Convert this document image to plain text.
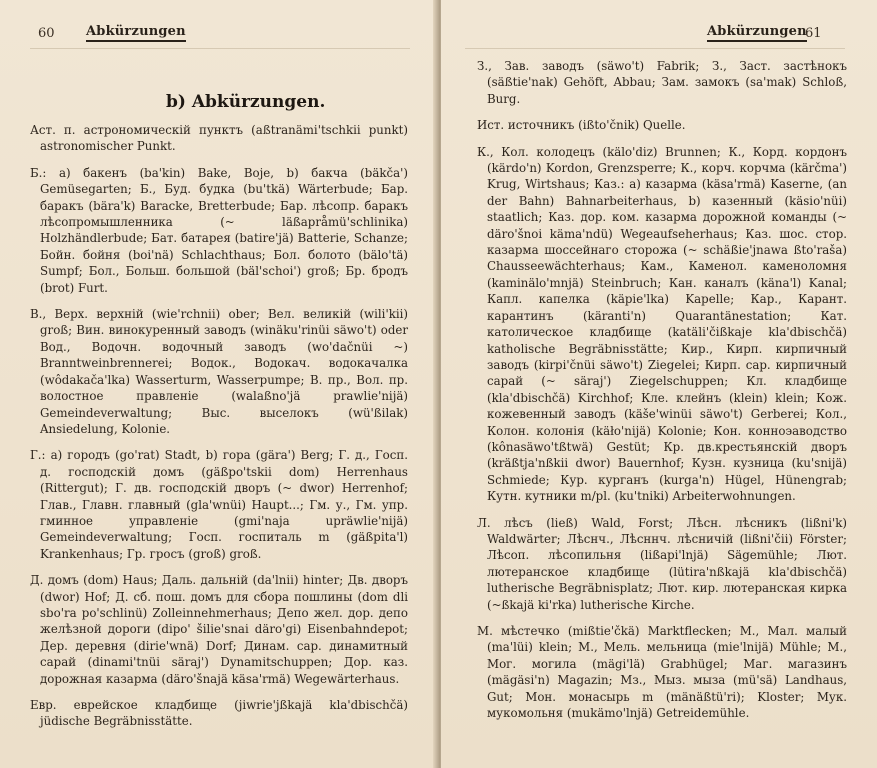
60 Abkürzungen
b) Abkürzungen.

Аст. п. астрономическiй пунктъ (aßtranämi'tschkii punkt) astronomischer Punkt.

Б.: a) бакенъ (ba'kin) Bake, Boje, b) бакча (bäkča') Gemüsegarten; Б., Буд. будка (bu'tkä) Wärterbude; Бар. баракъ (bära'k) Baracke, Bretterbude; Бар. лѣсопр. баракъ лѣсопромышленника (~ läßapråmü'schlinika) Holzhändlerbude; Бат. батарея (batire'jä) Batterie, Schanze; Бойн. бойня (boi'nä) Schlachthaus; Бол. болото (bälo'tä) Sumpf; Бол., Больш. большой (bäl'schoi') groß; Бр. бродъ (brot) Furt.

В., Верх. верхнiй (wie'rchnii) ober; Вел. великiй (wili'kii) groß; Вин. винокуренный заводъ (winäku'rinüi säwo't) oder Вод., Водочн. водочный заводъ (wo'dačnüi ~) Branntweinbrennerei; Водок., Водокач. водокачалка (wôdakača'lka) Wasserturm, Wasserpumpe; В. пр., Вол. пр. волостное правленiе (walaßno'jä prawlie'nijä) Gemeindeverwaltung; Выс. выселокъ (wü'ßilak) Ansiedelung, Kolonie.

Г.: a) городъ (go'rat) Stadt, b) гора (gära') Berg; Г. д., Госп. д. господскiй домъ (gäßpo'tskii dom) Herrenhaus (Rittergut); Г. дв. господскiй дворъ (~ dwor) Herrenhof; Глав., Главн. главный (gla'wnüi) Haupt...; Гм. у., Гм. упр. гминное управленiе (gmi'naja upräwlie'nijä) Gemeindeverwaltung; Госп. госпиталь m (gäßpita'l) Krankenhaus; Гр. гросъ (groß) groß.

Д. домъ (dom) Haus; Даль. дальнiй (da'lnii) hinter; Дв. дворъ (dwor) Hof; Д. сб. пош. домъ для сбора пошлины (dom dli sbo'ra po'schlinü) Zolleinnehmerhaus; Депо жел. дор. депо желѣзной дороги (dipo' šilie'snai däro'gi) Eisenbahndepot; Дер. деревня (dirie'wnä) Dorf; Динам. сар. динамитный сарай (dinami'tnüi säraj') Dynamitschuppen; Дор. каз. дорожная казарма (däro'šnajä käsa'rmä) Wegewärterhaus.

Евр. еврейское кладбище (jiwrie'jßkajä kla'dbischčä) jüdische Begräbnisstätte.

Abkürzungen
61

З., Зав. заводъ (säwo't) Fabrik; З., Заст. застѣнокъ (säßtie'nak) Gehöft, Abbau; Зам. замокъ (sa'mak) Schloß, Burg.

Ист. источникъ (ißto'čnik) Quelle.

К., Кол. колодецъ (kälo'diz) Brunnen; К., Корд. кордонъ (kärdo'n) Kordon, Grenzsperre; К., корч. корчма (kärčma') Krug, Wirtshaus; Каз.: a) казарма (käsa'rmä) Kaserne, (an der Bahn) Bahnarbeiterhaus, b) казенный (käsio'nüi) staatlich; Каз. дор. ком. казарма дорожной команды (~ däro'šnoi käma'ndü) Wegeaufseherhaus; Каз. шос. стор. казарма шоссейнаго сторожа (~ schäßie'jnawa ßto'raša) Chausseewächterhaus; Кам., Каменол. каменоломня (kaminälo'mnjä) Steinbruch; Кан. каналъ (käna'l) Kanal; Капл. капелка (käpie'lka) Kapelle; Кар., Карант. карантинъ (käranti'n) Quarantänestation; Кат. католическое кладбище (katäli'čißkaje kla'dbischčä) katholische Begräbnisstätte; Кир., Кирп. кирпичный заводъ (kirpi'čnüi säwo't) Ziegelei; Кирп. сар. кирпичный сарай (~ säraj') Ziegelschuppen; Кл. кладбище (kla'dbischčä) Kirchhof; Кле. клейнъ (klein) klein; Кож. кожевенный заводъ (käše'winüi säwo't) Gerberei; Кол., Колон. колонiя (käło'nijä) Kolonie; Кон. конноэаводство (kônasäwo'tßtwä) Gestüt; Кр. дв.крестьянскiй дворъ (kräßtja'nßkii dwor) Bauernhof; Кузн. кузница (ku'snijä) Schmiede; Кур. курганъ (kurga'n) Hügel, Hünengrab; Кутн. кутники m/pl. (ku'tniki) Arbeiterwohnungen.

Л. лѣсъ (ließ) Wald, Forst; Лѣсн. лѣсникъ (lißni'k) Waldwärter; Лѣснч., Лѣсннч. лѣсничiй (lißni'čii) Förster; Лѣсоп. лѣсопильня (lißapi'lnjä) Sägemühle; Лют. лютеранское кладбище (lütira'nßkajä kla'dbischčä) lutherische Begräbnisplatz; Лют. кир. лютеранская кирка (~ßkajä ki'rka) lutherische Kirche.

М. мѣстечко (mißtie'čkä) Marktflecken; М., Мал. малый (ma'lüi) klein; М., Мель. мельница (mie'lnijä) Mühle; М., Мог. могила (mägi'lä) Grabhügel; Маг. магазинъ (mägäsi'n) Magazin; Мз., Мыз. мыза (mü'sä) Landhaus, Gut; Мон. монасырь m (mänäßtü'ri); Kloster; Мук. мукомольня (mukämo'lnjä) Getreidemühle.
